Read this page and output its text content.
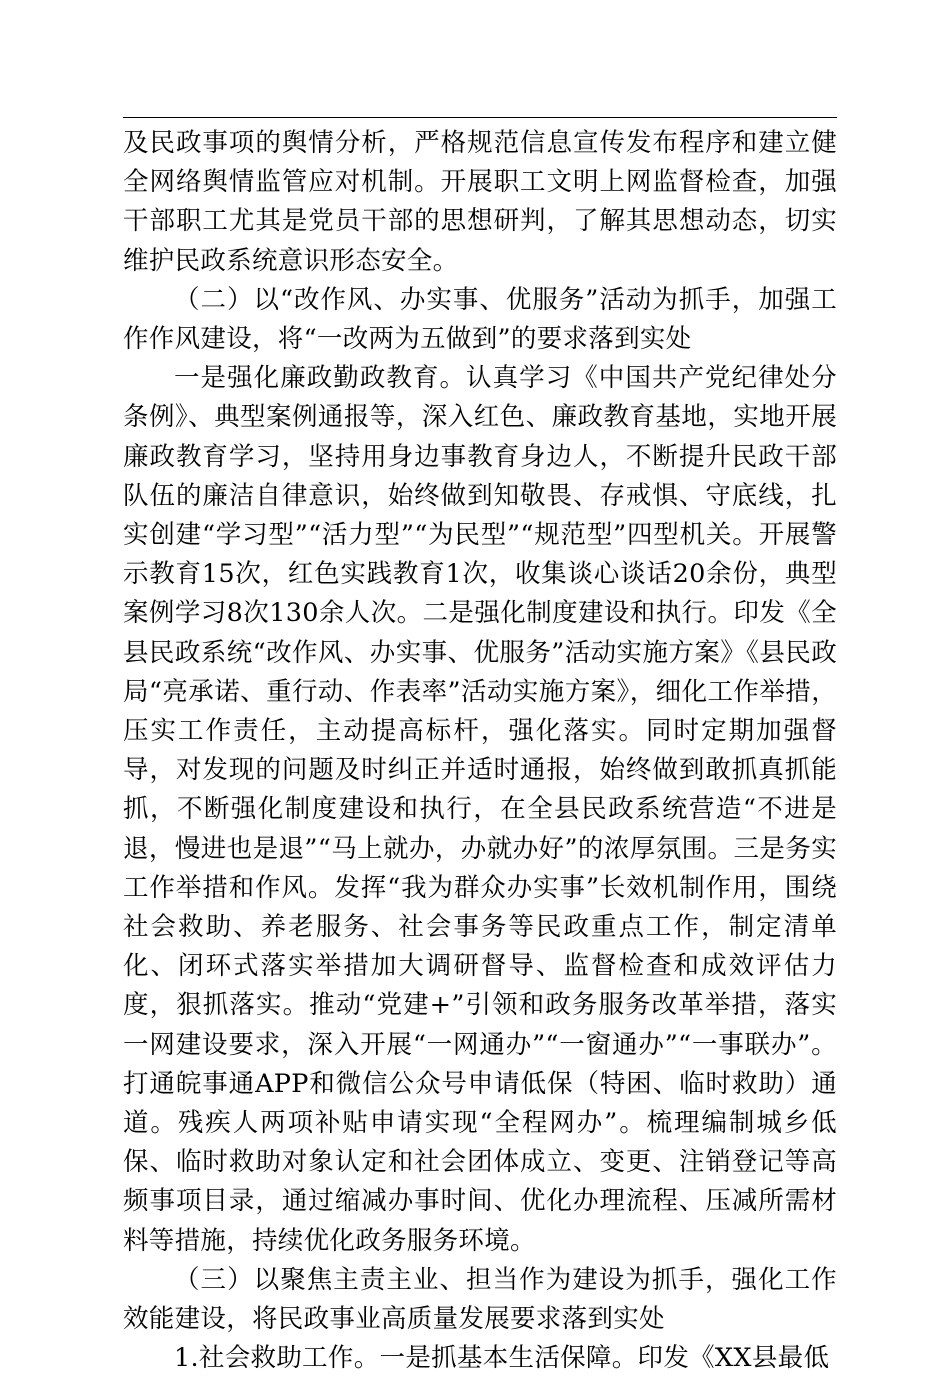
及民政事项的舆情分析，严格规范信息宣传发布程序和建立健全网络舆情监管应对机制。开展职工文明上网监督检查，加强干部职工尤其是党员干部的思想研判，了解其思想动态，切实维护民政系统意识形态安全。

（二）以“改作风、办实事、优服务”活动为抓手，加强工作作风建设，将“一改两为五做到”的要求落到实处

一是强化廉政勤政教育。认真学习《中国共产党纪律处分条例》、典型案例通报等，深入红色、廉政教育基地，实地开展廉政教育学习，坚持用身边事教育身边人，不断提升民政干部队伍的廉洁自律意识，始终做到知敬畏、存戒惧、守底线，扎实创建“学习型”“活力型”“为民型”“规范型”四型机关。开展警示教育15次，红色实践教育1次，收集谈心谈话20余份，典型案例学习8次130余人次。二是强化制度建设和执行。印发《全县民政系统“改作风、办实事、优服务”活动实施方案》《县民政局“亮承诺、重行动、作表率”活动实施方案》，细化工作举措，压实工作责任，主动提高标杆，强化落实。同时定期加强督导，对发现的问题及时纠正并适时通报，始终做到敢抓真抓能抓，不断强化制度建设和执行，在全县民政系统营造“不进是退，慢进也是退”“马上就办，办就办好”的浓厚氛围。三是务实工作举措和作风。发挥“我为群众办实事”长效机制作用，围绕社会救助、养老服务、社会事务等民政重点工作，制定清单化、闭环式落实举措加大调研督导、监督检查和成效评估力度，狠抓落实。推动“党建+”引领和政务服务改革举措，落实一网建设要求，深入开展“一网通办”“一窗通办”“一事联办”。打通皖事通APP和微信公众号申请低保（特困、临时救助）通道。残疾人两项补贴申请实现“全程网办”。梳理编制城乡低保、临时救助对象认定和社会团体成立、变更、注销登记等高频事项目录，通过缩减办事时间、优化办理流程、压减所需材料等措施，持续优化政务服务环境。

（三）以聚焦主责主业、担当作为建设为抓手，强化工作效能建设，将民政事业高质量发展要求落到实处

1.社会救助工作。一是抓基本生活保障。印发《XX县最低
